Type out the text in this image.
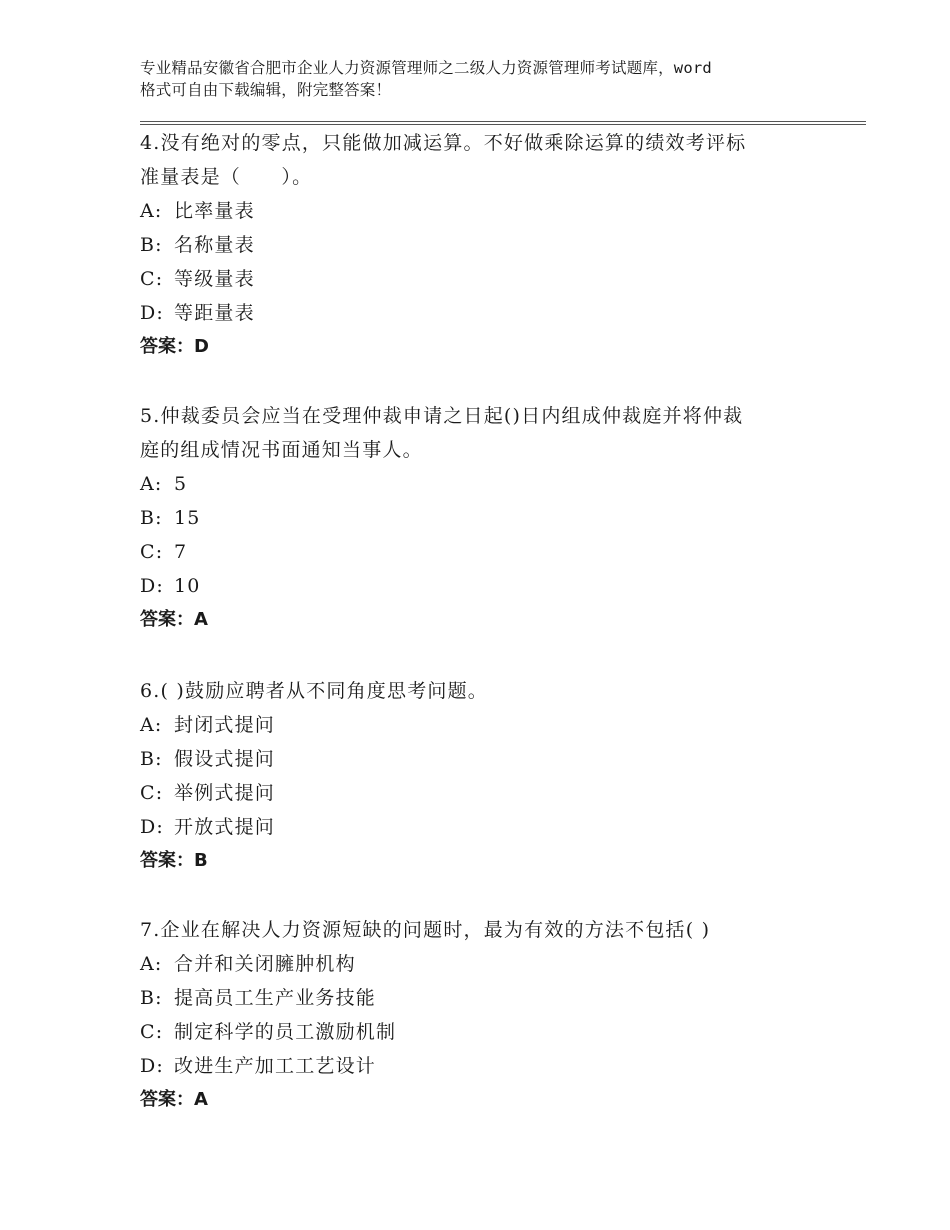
专业精品安徽省合肥市企业人力资源管理师之二级人力资源管理师考试题库，word
格式可自由下载编辑，附完整答案！
4.没有绝对的零点，只能做加减运算。不好做乘除运算的绩效考评标
准量表是（　　）。
A: 比率量表
B: 名称量表
C: 等级量表
D: 等距量表
答案：D
5.仲裁委员会应当在受理仲裁申请之日起()日内组成仲裁庭并将仲裁
庭的组成情况书面通知当事人。
A: 5
B: 15
C: 7
D: 10
答案：A
6.( )鼓励应聘者从不同角度思考问题。
A: 封闭式提问
B: 假设式提问
C: 举例式提问
D: 开放式提问
答案：B
7.企业在解决人力资源短缺的问题时，最为有效的方法不包括( )
A: 合并和关闭臃肿机构
B: 提高员工生产业务技能
C: 制定科学的员工激励机制
D: 改进生产加工工艺设计
答案：A
